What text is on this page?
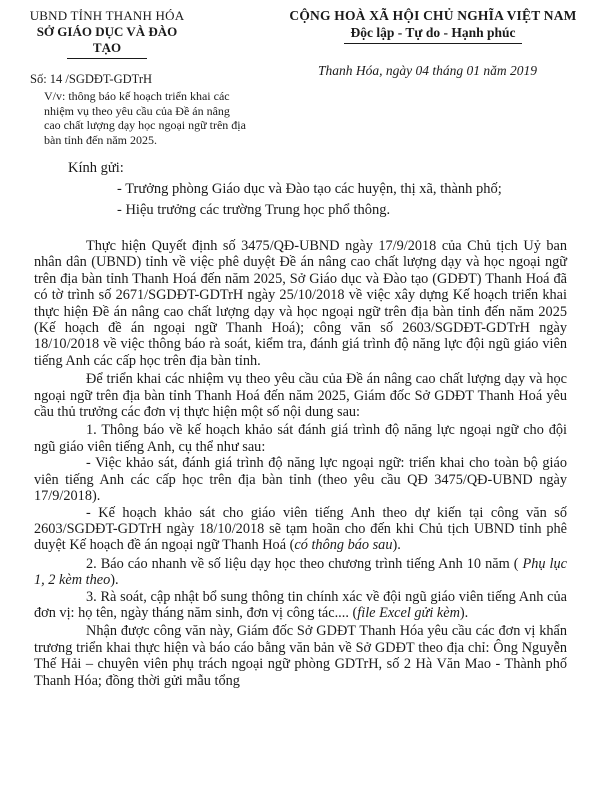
UBND TỈNH THANH HÓA
SỞ GIÁO DỤC VÀ ĐÀO TẠO
Số: 14 /SGDĐT-GDTrH
V/v: thông báo kế hoạch triển khai các nhiệm vụ theo yêu cầu của Đề án nâng cao chất lượng dạy học ngoại ngữ trên địa bàn tỉnh đến năm 2025.
CỘNG HOÀ XÃ HỘI CHỦ NGHĨA VIỆT NAM
Độc lập - Tự do - Hạnh phúc
Thanh Hóa, ngày 04 tháng 01 năm 2019
Kính gửi:
- Trưởng phòng Giáo dục và Đào tạo các huyện, thị xã, thành phố;
- Hiệu trưởng các trường Trung học phổ thông.

Thực hiện Quyết định số 3475/QĐ-UBND ngày 17/9/2018 của Chủ tịch Uỷ ban nhân dân (UBND) tỉnh về việc phê duyệt Đề án nâng cao chất lượng dạy và học ngoại ngữ trên địa bàn tỉnh Thanh Hoá đến năm 2025, Sở Giáo dục và Đào tạo (GDĐT) Thanh Hoá đã có tờ trình số 2671/SGDĐT-GDTrH ngày 25/10/2018 về việc xây dựng Kế hoạch triển khai thực hiện Đề án nâng cao chất lượng dạy và học ngoại ngữ trên địa bàn tỉnh đến năm 2025 (Kế hoạch đề án ngoại ngữ Thanh Hoá); công văn số 2603/SGDĐT-GDTrH ngày 18/10/2018 về việc thông báo rà soát, kiểm tra, đánh giá trình độ năng lực đội ngũ giáo viên tiếng Anh các cấp học trên địa bàn tỉnh.

Để triển khai các nhiệm vụ theo yêu cầu của Đề án nâng cao chất lượng dạy và học ngoại ngữ trên địa bàn tỉnh Thanh Hoá đến năm 2025, Giám đốc Sở GDĐT Thanh Hoá yêu cầu thủ trưởng các đơn vị thực hiện một số nội dung sau:

1. Thông báo về kế hoạch khảo sát đánh giá trình độ năng lực ngoại ngữ cho đội ngũ giáo viên tiếng Anh, cụ thể như sau:

- Việc khảo sát, đánh giá trình độ năng lực ngoại ngữ: triển khai cho toàn bộ giáo viên tiếng Anh các cấp học trên địa bàn tỉnh (theo yêu cầu QĐ 3475/QĐ-UBND ngày 17/9/2018).

- Kế hoạch khảo sát cho giáo viên tiếng Anh theo dự kiến tại công văn số 2603/SGDĐT-GDTrH ngày 18/10/2018 sẽ tạm hoãn cho đến khi Chủ tịch UBND tỉnh phê duyệt Kế hoạch đề án ngoại ngữ Thanh Hoá (có thông báo sau).

2. Báo cáo nhanh về số liệu dạy học theo chương trình tiếng Anh 10 năm ( Phụ lục 1, 2 kèm theo).

3. Rà soát, cập nhật bổ sung thông tin chính xác về đội ngũ giáo viên tiếng Anh của đơn vị: họ tên, ngày tháng năm sinh, đơn vị công tác.... (file Excel gửi kèm).

Nhận được công văn này, Giám đốc Sở GDĐT Thanh Hóa yêu cầu các đơn vị khẩn trương triển khai thực hiện và báo cáo bằng văn bản về Sở GDĐT theo địa chỉ: Ông Nguyễn Thế Hải – chuyên viên phụ trách ngoại ngữ phòng GDTrH, số 2 Hà Văn Mao - Thành phố Thanh Hóa; đồng thời gửi mẫu tổng
